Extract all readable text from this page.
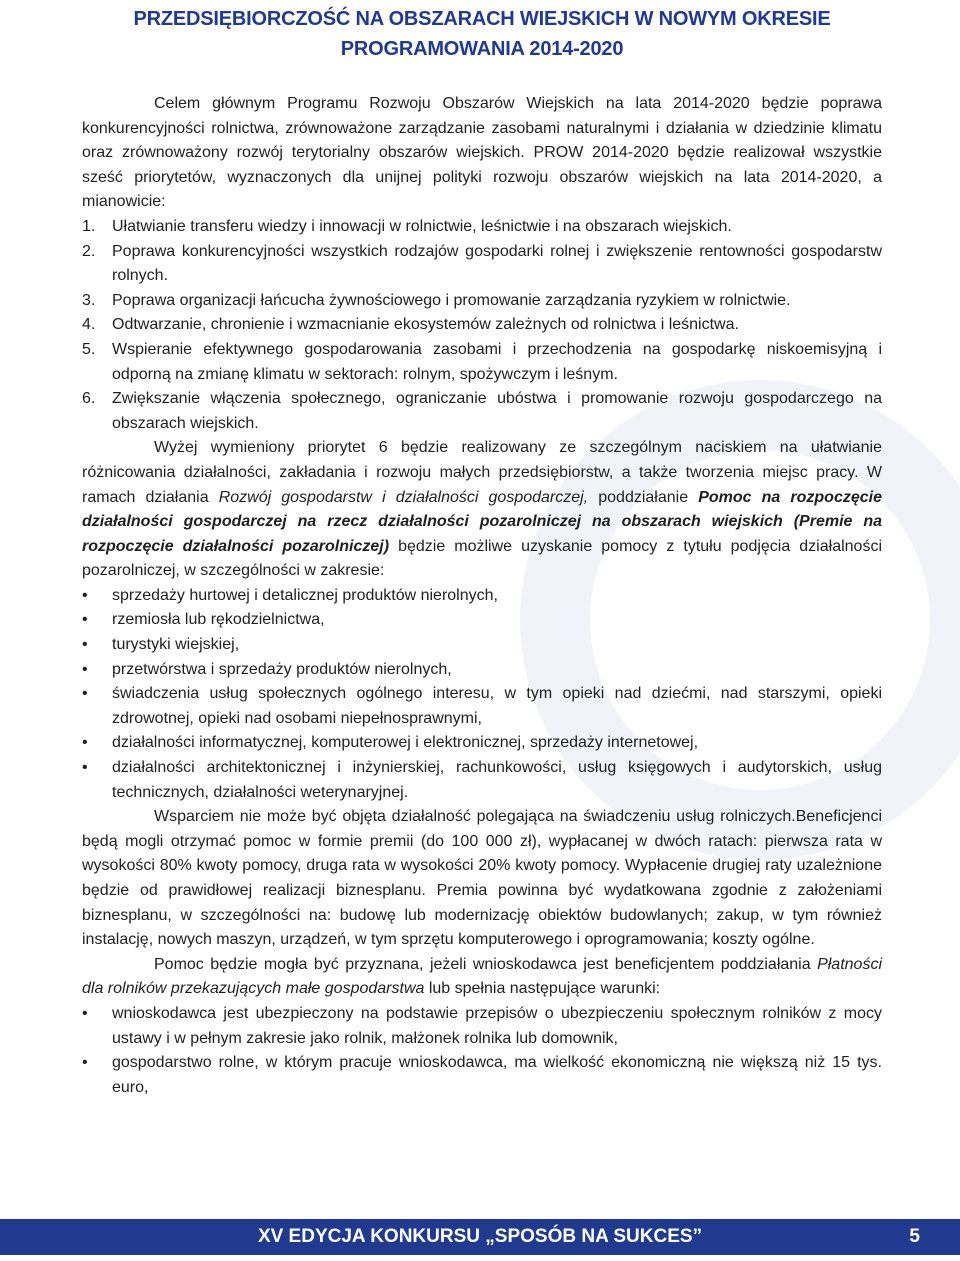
PRZEDSIĘBIORCZOŚĆ NA OBSZARACH WIEJSKICH W NOWYM OKRESIE PROGRAMOWANIA 2014-2020

Celem głównym Programu Rozwoju Obszarów Wiejskich na lata 2014-2020 będzie poprawa konkurencyjności rolnictwa, zrównoważone zarządzanie zasobami naturalnymi i działania w dziedzinie klimatu oraz zrównoważony rozwój terytorialny obszarów wiejskich. PROW 2014-2020 będzie realizował wszystkie sześć priorytetów, wyznaczonych dla unijnej polityki rozwoju obszarów wiejskich na lata 2014-2020, a mianowicie:

1. Ułatwianie transferu wiedzy i innowacji w rolnictwie, leśnictwie i na obszarach wiejskich.
2. Poprawa konkurencyjności wszystkich rodzajów gospodarki rolnej i zwiększenie rentowności gospodarstw rolnych.
3. Poprawa organizacji łańcucha żywnościowego i promowanie zarządzania ryzykiem w rolnictwie.
4. Odtwarzanie, chronienie i wzmacnianie ekosystemów zależnych od rolnictwa i leśnictwa.
5. Wspieranie efektywnego gospodarowania zasobami i przechodzenia na gospodarkę niskoemisyjną i odporną na zmianę klimatu w sektorach: rolnym, spożywczym i leśnym.
6. Zwiększanie włączenia społecznego, ograniczanie ubóstwa i promowanie rozwoju gospodarczego na obszarach wiejskich.

Wyżej wymieniony priorytet 6 będzie realizowany ze szczególnym naciskiem na ułatwianie różnicowania działalności, zakładania i rozwoju małych przedsiębiorstw, a także tworzenia miejsc pracy. W ramach działania Rozwój gospodarstw i działalności gospodarczej, poddziałanie Pomoc na rozpoczęcie działalności gospodarczej na rzecz działalności pozarolniczej na obszarach wiejskich (Premie na rozpoczęcie działalności pozarolniczej) będzie możliwe uzyskanie pomocy z tytułu podjęcia działalności pozarolniczej, w szczególności w zakresie:

• sprzedaży hurtowej i detalicznej produktów nierolnych,
• rzemiosła lub rękodzielnictwa,
• turystyki wiejskiej,
• przetwórstwa i sprzedaży produktów nierolnych,
• świadczenia usług społecznych ogólnego interesu, w tym opieki nad dziećmi, nad starszymi, opieki zdrowotnej, opieki nad osobami niepełnosprawnymi,
• działalności informatycznej, komputerowej i elektronicznej, sprzedaży internetowej,
• działalności architektonicznej i inżynierskiej, rachunkowości, usług księgowych i audytorskich, usług technicznych, działalności weterynaryjnej.

Wsparciem nie może być objęta działalność polegająca na świadczeniu usług rolniczych.Beneficjenci będą mogli otrzymać pomoc w formie premii (do 100 000 zł), wypłacanej w dwóch ratach: pierwsza rata w wysokości 80% kwoty pomocy, druga rata w wysokości 20% kwoty pomocy. Wypłacenie drugiej raty uzależnione będzie od prawidłowej realizacji biznesplanu. Premia powinna być wydatkowana zgodnie z założeniami biznesplanu, w szczególności na: budowę lub modernizację obiektów budowlanych; zakup, w tym również instalację, nowych maszyn, urządzeń, w tym sprzętu komputerowego i oprogramowania; koszty ogólne.

Pomoc będzie mogła być przyznana, jeżeli wnioskodawca jest beneficjentem poddziałania Płatności dla rolników przekazujących małe gospodarstwa lub spełnia następujące warunki:

• wnioskodawca jest ubezpieczony na podstawie przepisów o ubezpieczeniu społecznym rolników z mocy ustawy i w pełnym zakresie jako rolnik, małżonek rolnika lub domownik,
• gospodarstwo rolne, w którym pracuje wnioskodawca, ma wielkość ekonomiczną nie większą niż 15 tys. euro,
XV EDYCJA KONKURSU „SPOSÓB NA SUKCES”	5
